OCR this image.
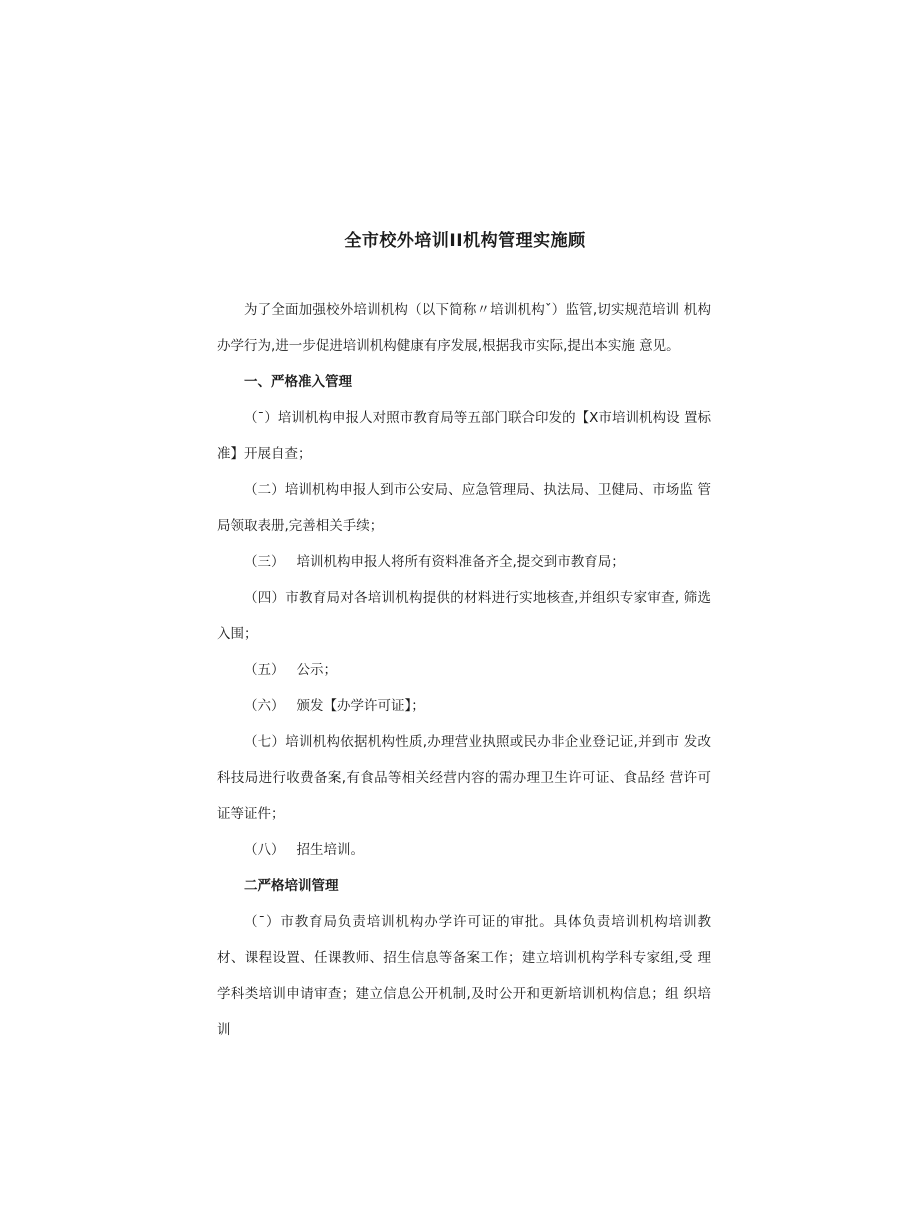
全市校外培训II机构管理实施顾

为了全面加强校外培训机构（以下简称〃培训机构ˇ）监管,切实规范培训 机构办学行为,进一步促进培训机构健康有序发展,根据我市实际,提出本实施 意见。

一、严格准入管理

（¯）培训机构申报人对照市教育局等五部门联合印发的【X市培训机构设 置标准】开展自查；

（二）培训机构申报人到市公安局、应急管理局、执法局、卫健局、市场监 管局领取表册,完善相关手续；

（三） 培训机构申报人将所有资料准备齐全,提交到市教育局；

（四）市教育局对各培训机构提供的材料进行实地核查,并组织专家审查, 筛选入围；

（五） 公示；

（六） 颁发【办学许可证】；

（七）培训机构依据机构性质,办理营业执照或民办非企业登记证,并到市 发改科技局进行收费备案,有食品等相关经营内容的需办理卫生许可证、食品经 营许可证等证件；

（八） 招生培训。

二严格培训管理

（¯）市教育局负责培训机构办学许可证的审批。具体负责培训机构培训教 材、课程设置、任课教师、招生信息等备案工作；建立培训机构学科专家组,受 理学科类培训申请审查；建立信息公开机制,及时公开和更新培训机构信息；组 织培训
